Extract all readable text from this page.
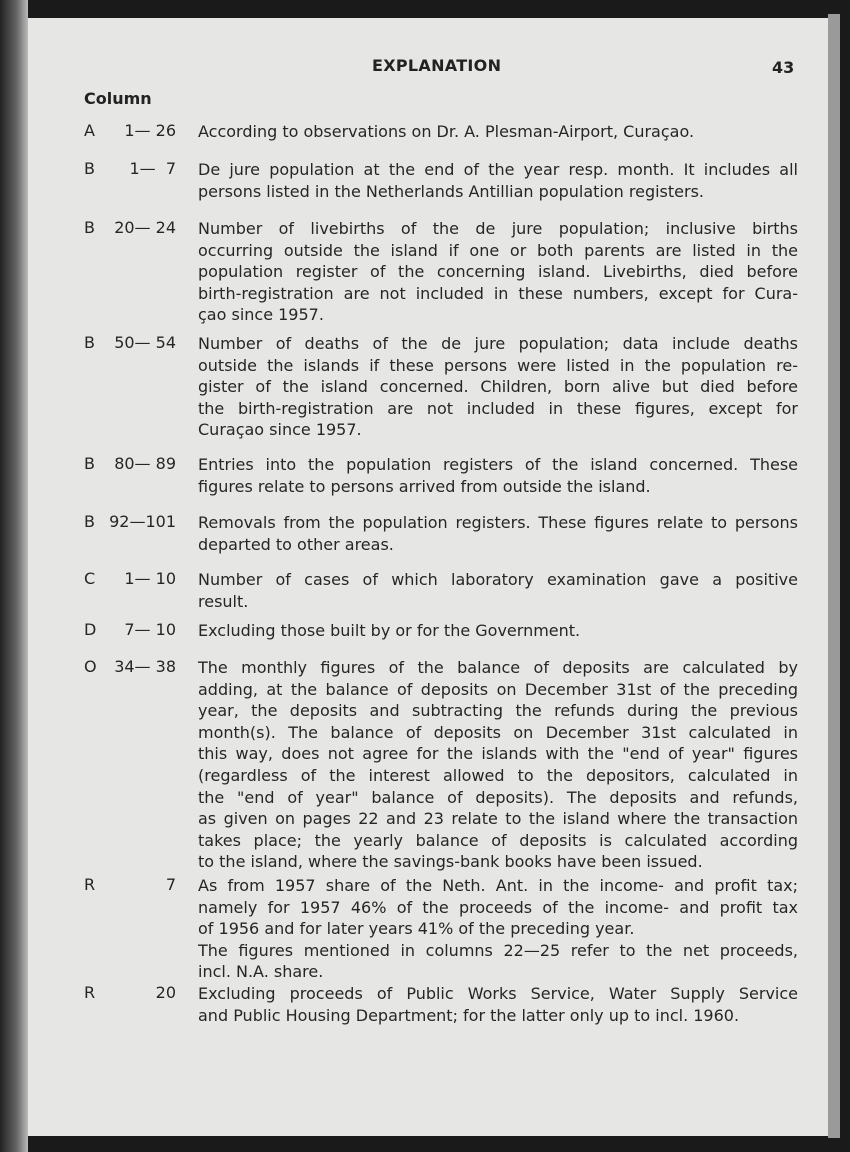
EXPLANATION	43
Column
A 1— 26 According to observations on Dr. A. Plesman-Airport, Curaçao.
B 1—  7 De jure population at the end of the year resp. month. It includes all
persons listed in the Netherlands Antillian population registers.
B 20— 24 Number of livebirths of the de jure population; inclusive births
occurring outside the island if one or both parents are listed in the
population register of the concerning island. Livebirths, died before
birth-registration are not included in these numbers, except for Cura-
çao since 1957.
B 50— 54 Number of deaths of the de jure population; data include deaths
outside the islands if these persons were listed in the population re-
gister of the island concerned. Children, born alive but died before
the birth-registration are not included in these figures, except for
Curaçao since 1957.
B 80— 89 Entries into the population registers of the island concerned. These
figures relate to persons arrived from outside the island.
B 92—101 Removals from the population registers. These figures relate to persons
departed to other areas.
C 1— 10 Number of cases of which laboratory examination gave a positive
result.
D 7— 10 Excluding those built by or for the Government.
O 34— 38 The monthly figures of the balance of deposits are calculated by
adding, at the balance of deposits on December 31st of the preceding
year, the deposits and subtracting the refunds during the previous
month(s). The balance of deposits on December 31st calculated in
this way, does not agree for the islands with the "end of year" figures
(regardless of the interest allowed to the depositors, calculated in
the "end of year" balance of deposits). The deposits and refunds,
as given on pages 22 and 23 relate to the island where the transaction
takes place; the yearly balance of deposits is calculated according
to the island, where the savings-bank books have been issued.
R	7 As from 1957 share of the Neth. Ant. in the income- and profit tax;
namely for 1957 46% of the proceeds of the income- and profit tax
of 1956 and for later years 41% of the preceding year.
The figures mentioned in columns 22—25 refer to the net proceeds,
incl. N.A. share.
R	20 Excluding proceeds of Public Works Service, Water Supply Service
and Public Housing Department; for the latter only up to incl. 1960.
